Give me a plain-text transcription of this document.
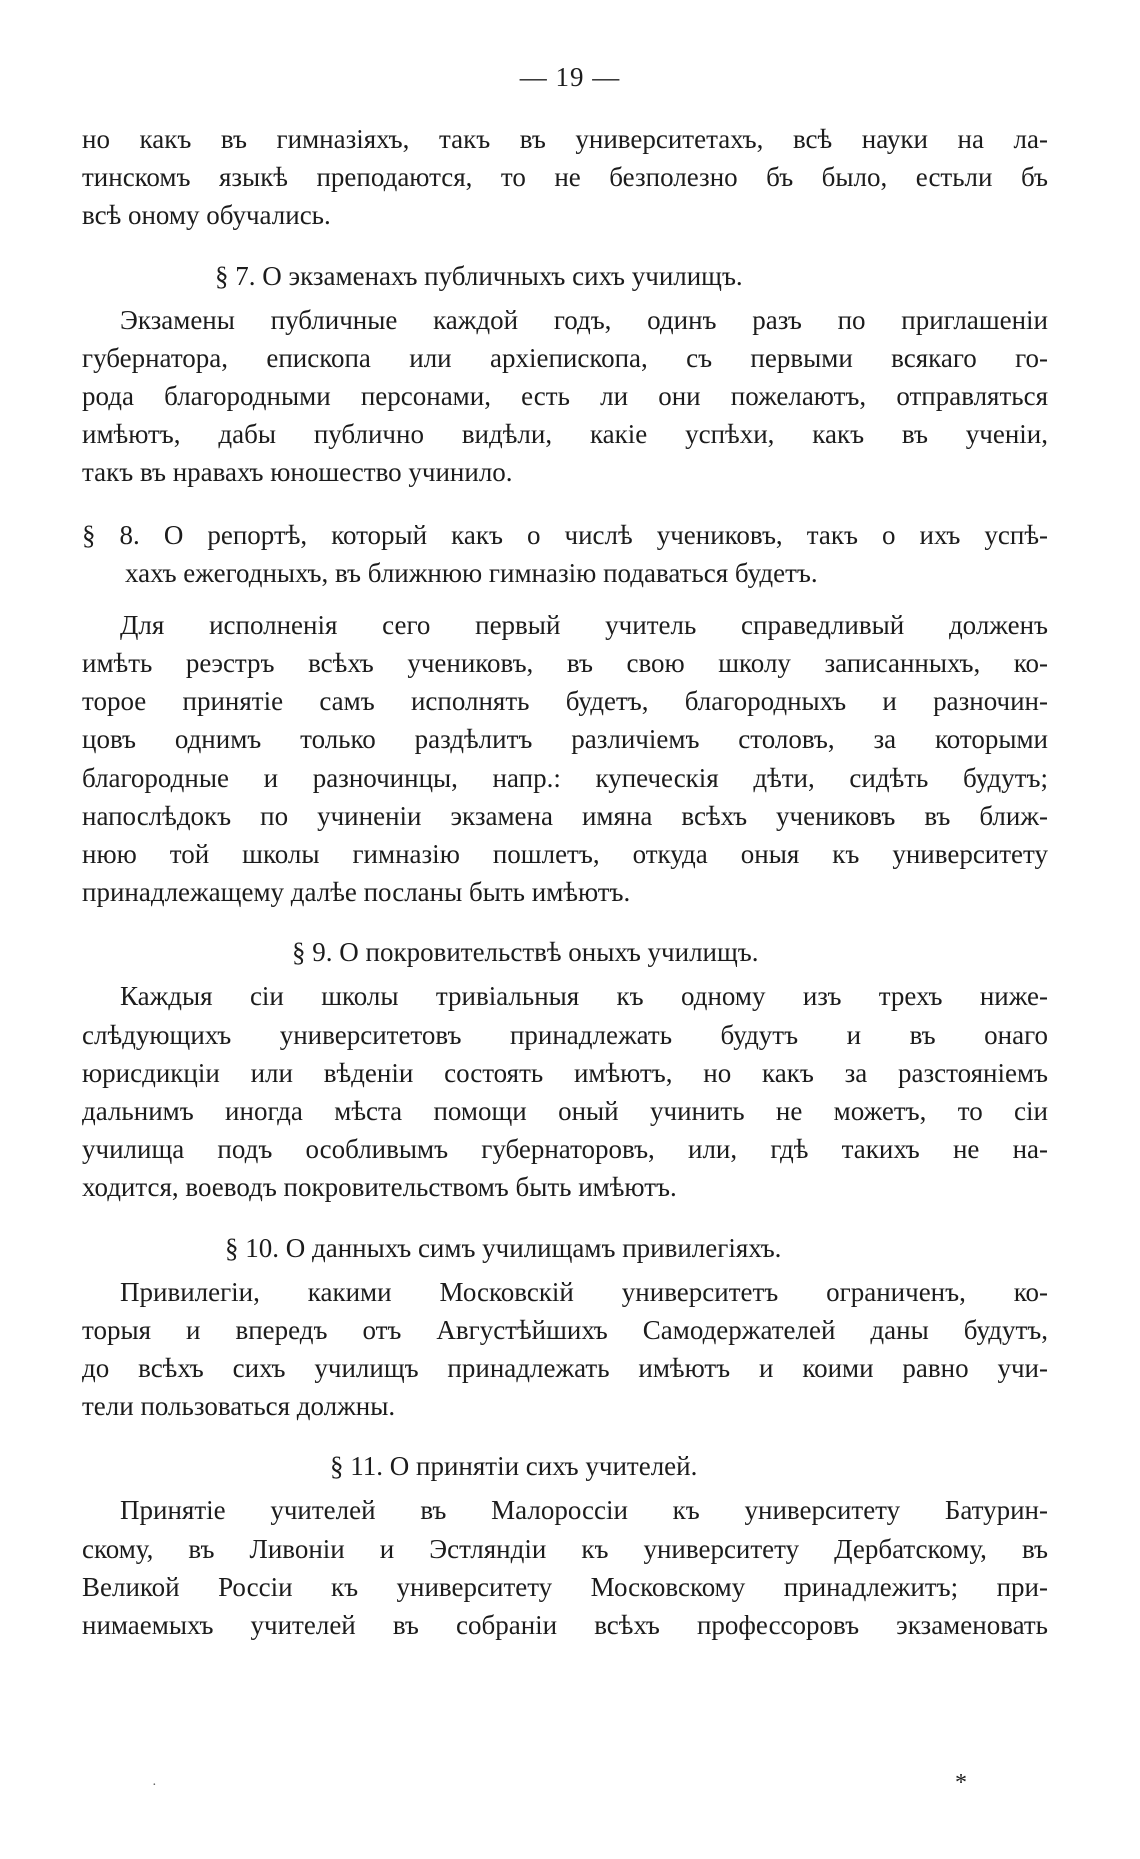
— 19 —
но какъ въ гимназіяхъ, такъ въ университетахъ, всѣ науки на ла-
тинскомъ языкѣ преподаются, то не безполезно бъ было, естьли бъ
всѣ оному обучались.
§ 7. О экзаменахъ публичныхъ сихъ училищъ.
Экзамены публичные каждой годъ, одинъ разъ по приглашеніи
губернатора, епископа или архіепископа, съ первыми всякаго го-
рода благородными персонами, есть ли они пожелаютъ, отправляться
имѣютъ, дабы публично видѣли, какіе успѣхи, какъ въ ученіи,
такъ въ нравахъ юношество учинило.
§ 8. О репортѣ, который какъ о числѣ учениковъ, такъ о ихъ успѣ-
хахъ ежегодныхъ, въ ближнюю гимназію подаваться будетъ.
Для исполненія сего первый учитель справедливый долженъ
имѣть реэстръ всѣхъ учениковъ, въ свою школу записанныхъ, ко-
торое принятіе самъ исполнять будетъ, благородныхъ и разночин-
цовъ однимъ только раздѣлитъ различіемъ столовъ, за которыми
благородные и разночинцы, напр.: купеческія дѣти, сидѣть будутъ;
напослѣдокъ по учиненіи экзамена имяна всѣхъ учениковъ въ ближ-
нюю той школы гимназію пошлетъ, откуда оныя къ университету
принадлежащему далѣе посланы быть имѣютъ.
§ 9. О покровительствѣ оныхъ училищъ.
Каждыя сіи школы тривіальныя къ одному изъ трехъ ниже-
слѣдующихъ университетовъ принадлежать будутъ и въ онаго
юрисдикціи или вѣденіи состоять имѣютъ, но какъ за разстояніемъ
дальнимъ иногда мѣста помощи оный учинить не можетъ, то сіи
училища подъ особливымъ губернаторовъ, или, гдѣ такихъ не на-
ходится, воеводъ покровительствомъ быть имѣютъ.
§ 10. О данныхъ симъ училищамъ привилегіяхъ.
Привилегіи, какими Московскій университетъ ограниченъ, ко-
торыя и впередъ отъ Августѣйшихъ Самодержателей даны будутъ,
до всѣхъ сихъ училищъ принадлежать имѣютъ и коими равно учи-
тели пользоваться должны.
§ 11. О принятіи сихъ учителей.
Принятіе учителей въ Малороссіи къ университету Батурин-
скому, въ Ливоніи и Эстляндіи къ университету Дербатскому, въ
Великой Россіи къ университету Московскому принадлежитъ; при-
нимаемыхъ учителей въ собраніи всѣхъ профессоровъ экзаменовать
·	*
